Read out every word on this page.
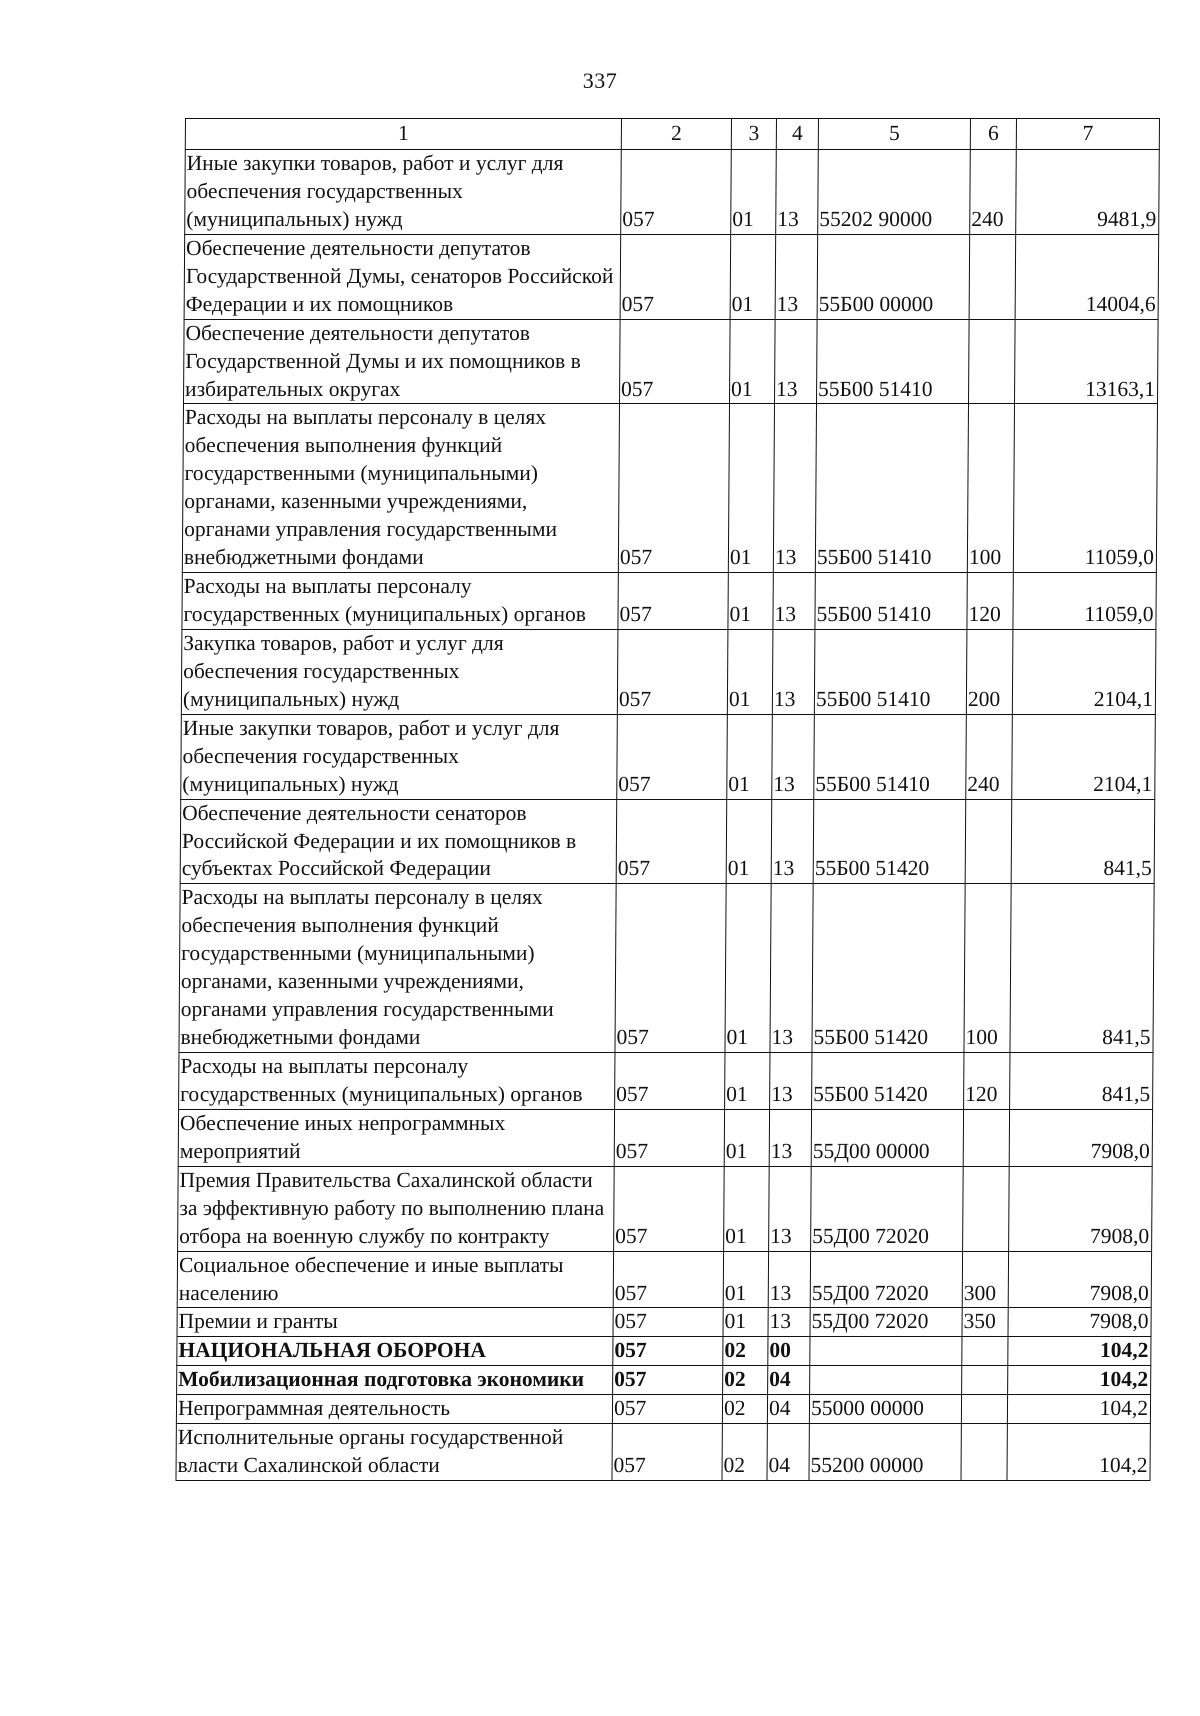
337
1	2	3	4	5	6	7
Иные закупки товаров, работ и услуг для обеспечения государственных (муниципальных) нужд	057	01	13	55202 90000	240	9481,9
Обеспечение деятельности депутатов Государственной Думы, сенаторов Российской Федерации и их помощников	057	01	13	55Б00 00000		14004,6
Обеспечение деятельности депутатов Государственной Думы и их помощников в избирательных округах	057	01	13	55Б00 51410		13163,1
Расходы на выплаты персоналу в целях обеспечения выполнения функций государственными (муниципальными) органами, казенными учреждениями, органами управления государственными внебюджетными фондами	057	01	13	55Б00 51410	100	11059,0
Расходы на выплаты персоналу государственных (муниципальных) органов	057	01	13	55Б00 51410	120	11059,0
Закупка товаров, работ и услуг для обеспечения государственных (муниципальных) нужд	057	01	13	55Б00 51410	200	2104,1
Иные закупки товаров, работ и услуг для обеспечения государственных (муниципальных) нужд	057	01	13	55Б00 51410	240	2104,1
Обеспечение деятельности сенаторов Российской Федерации и их помощников в субъектах Российской Федерации	057	01	13	55Б00 51420		841,5
Расходы на выплаты персоналу в целях обеспечения выполнения функций государственными (муниципальными) органами, казенными учреждениями, органами управления государственными внебюджетными фондами	057	01	13	55Б00 51420	100	841,5
Расходы на выплаты персоналу государственных (муниципальных) органов	057	01	13	55Б00 51420	120	841,5
Обеспечение иных непрограммных мероприятий	057	01	13	55Д00 00000		7908,0
Премия Правительства Сахалинской области за эффективную работу по выполнению плана отбора на военную службу по контракту	057	01	13	55Д00 72020		7908,0
Социальное обеспечение и иные выплаты населению	057	01	13	55Д00 72020	300	7908,0
Премии и гранты	057	01	13	55Д00 72020	350	7908,0
НАЦИОНАЛЬНАЯ ОБОРОНА	057	02	00			104,2
Мобилизационная подготовка экономики	057	02	04			104,2
Непрограммная деятельность	057	02	04	55000 00000		104,2
Исполнительные органы государственной власти Сахалинской области	057	02	04	55200 00000		104,2
